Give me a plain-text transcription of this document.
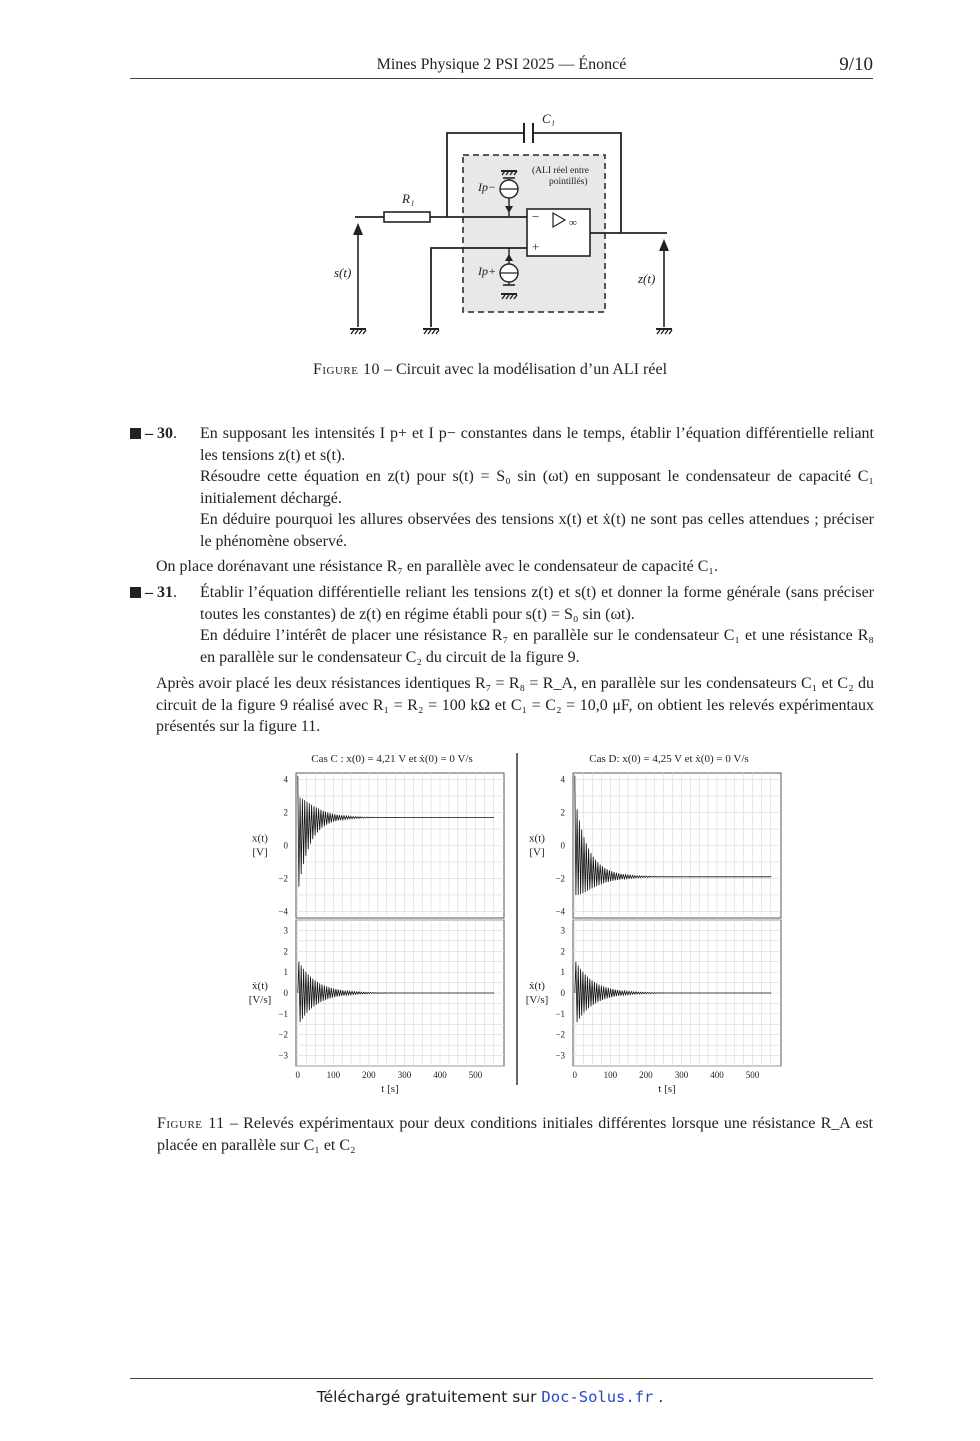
Mines Physique 2 PSI 2025 — Énoncé	9/10
C₁
R₁
−
+
∞
Ip−
Ip+
(ALI réel entre
pointillés)
s(t)	z(t)
Figure 10 – Circuit avec la modélisation d’un ALI réel
– 30. En supposant les intensités I p+ et I p− constantes dans le temps, établir l’équation différentielle reliant les tensions z(t) et s(t).

Résoudre cette équation en z(t) pour s(t) = S₀ sin (ωt) en supposant le condensateur de capacité C₁ initialement déchargé.

En déduire pourquoi les allures observées des tensions x(t) et ẋ(t) ne sont pas celles attendues ; préciser le phénomène observé.

On place dorénavant une résistance R₇ en parallèle avec le condensateur de capacité C₁.

– 31. Établir l’équation différentielle reliant les tensions z(t) et s(t) et donner la forme générale (sans préciser toutes les constantes) de z(t) en régime établi pour s(t) = S₀ sin (ωt).

En déduire l’intérêt de placer une résistance R₇ en parallèle sur le condensateur C₁ et une résistance R₈ en parallèle sur le condensateur C₂ du circuit de la figure 9.

Après avoir placé les deux résistances identiques R₇ = R₈ = R_A, en parallèle sur les condensateurs C₁ et C₂ du circuit de la figure 9 réalisé avec R₁ = R₂ = 100 kΩ et C₁ = C₂ = 10,0 μF, on obtient les relevés expérimentaux présentés sur la figure 11.

Cas C : x(0) = 4,21 V et ẋ(0) = 0 V/s
4
2
0
−2
−4
x(t)
[V]
3
2
1
0
−1
−2
−3
ẋ(t)
[V/s]
0	100 200 300 400 500
t [s]
Cas D: x(0) = 4,25 V et ẋ(0) = 0 V/s
4
2
0
−2
−4
x(t)
[V]
3
2
1
0
−1
−2
−3
ẋ(t)
[V/s]
0	100 200 300 400 500
t [s]
Figure 11 – Relevés expérimentaux pour deux conditions initiales différentes lorsque une résistance R_A est placée en parallèle sur C₁ et C₂
Téléchargé gratuitement sur Doc-Solus.fr .
